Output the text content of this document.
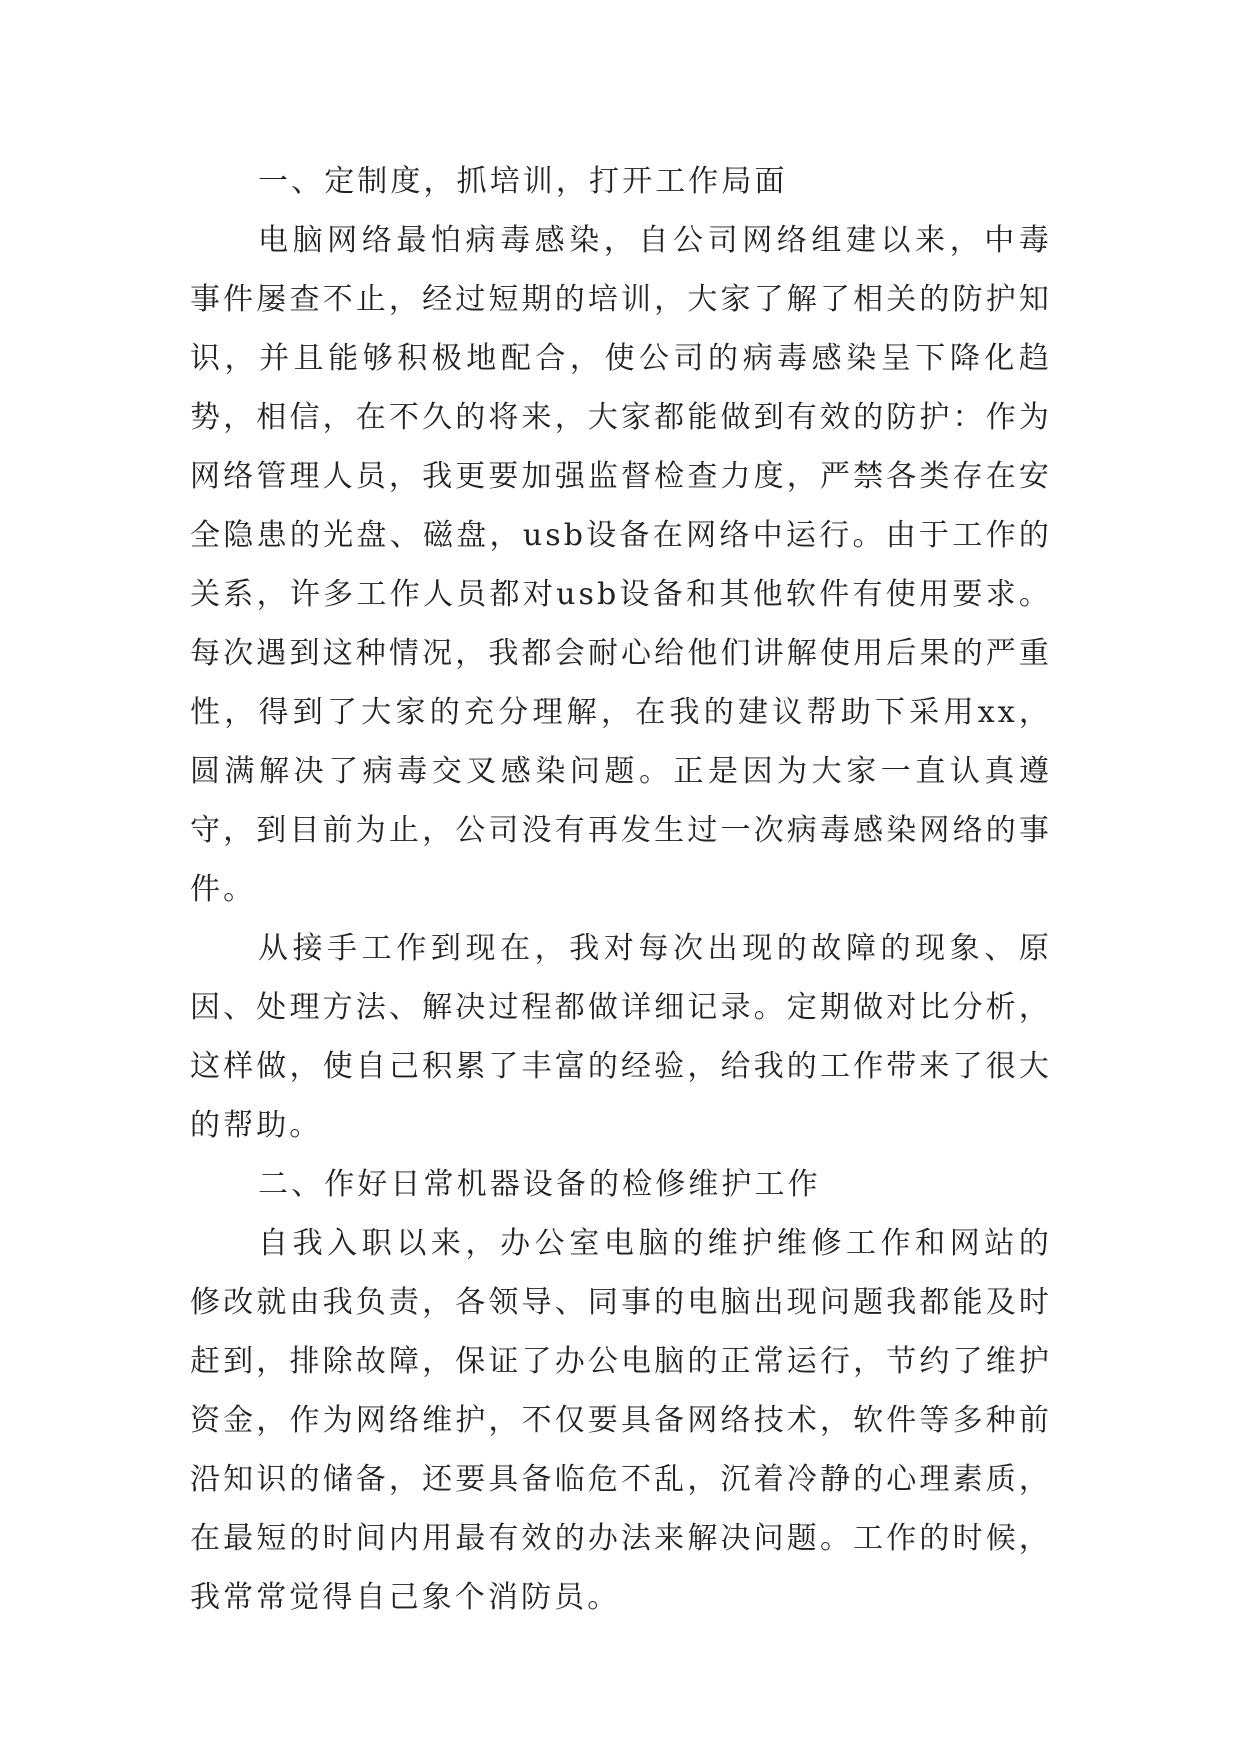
一、定制度，抓培训，打开工作局面

电脑网络最怕病毒感染，自公司网络组建以来，中毒事件屡查不止，经过短期的培训，大家了解了相关的防护知识，并且能够积极地配合，使公司的病毒感染呈下降化趋势，相信，在不久的将来，大家都能做到有效的防护：作为网络管理人员，我更要加强监督检查力度，严禁各类存在安全隐患的光盘、磁盘，usb设备在网络中运行。由于工作的关系，许多工作人员都对usb设备和其他软件有使用要求。每次遇到这种情况，我都会耐心给他们讲解使用后果的严重性，得到了大家的充分理解，在我的建议帮助下采用xx，圆满解决了病毒交叉感染问题。正是因为大家一直认真遵守，到目前为止，公司没有再发生过一次病毒感染网络的事件。

从接手工作到现在，我对每次出现的故障的现象、原因、处理方法、解决过程都做详细记录。定期做对比分析，这样做，使自己积累了丰富的经验，给我的工作带来了很大的帮助。

二、作好日常机器设备的检修维护工作

自我入职以来，办公室电脑的维护维修工作和网站的修改就由我负责，各领导、同事的电脑出现问题我都能及时赶到，排除故障，保证了办公电脑的正常运行，节约了维护资金，作为网络维护，不仅要具备网络技术，软件等多种前沿知识的储备，还要具备临危不乱，沉着冷静的心理素质，在最短的时间内用最有效的办法来解决问题。工作的时候，我常常觉得自己象个消防员。
